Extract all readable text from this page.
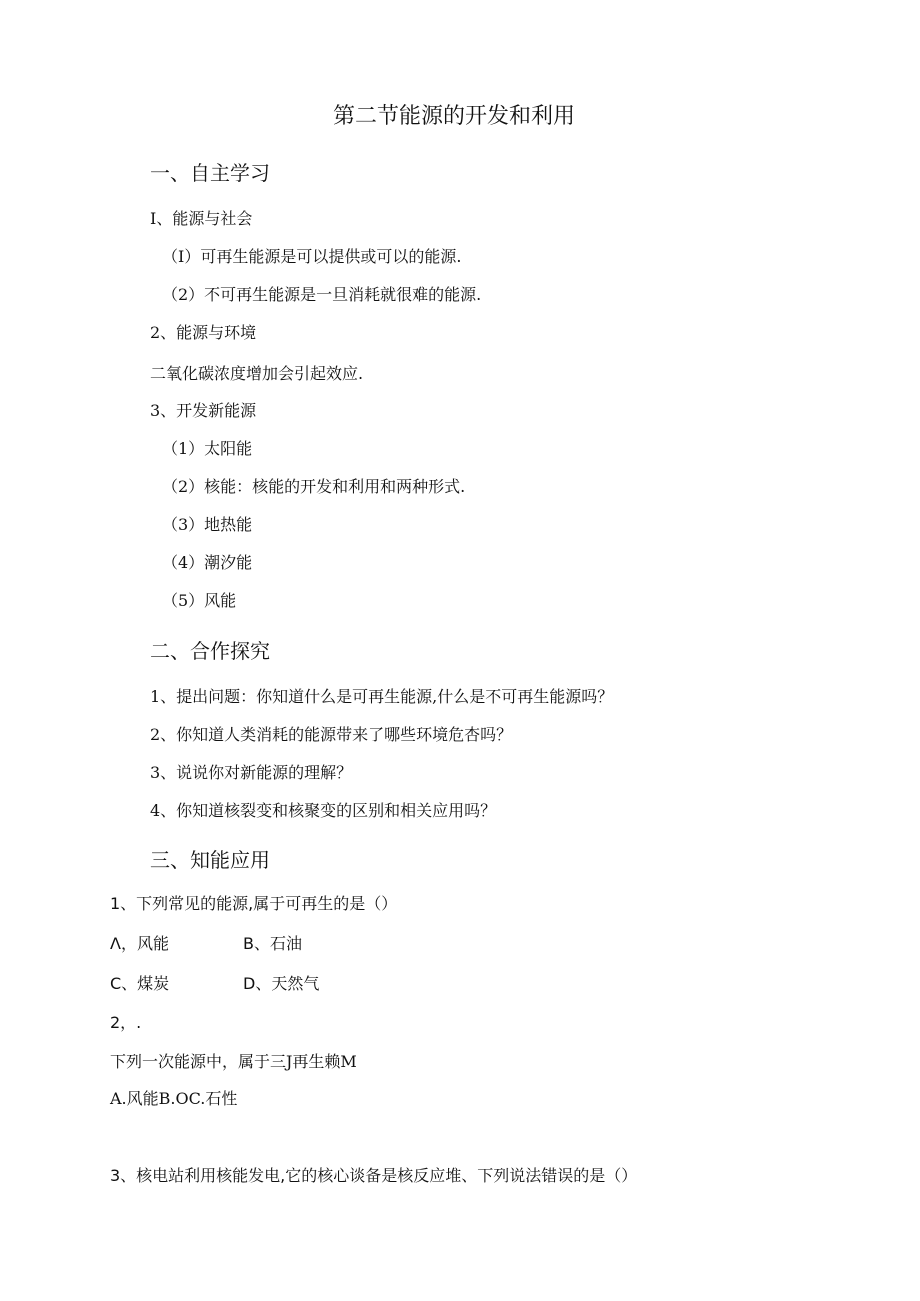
第二节能源的开发和利用
一、自主学习
I、能源与社会
（I）可再生能源是可以提供或可以的能源.
（2）不可再生能源是一旦消耗就很难的能源.
2、能源与环境
二氧化碳浓度增加会引起效应.
3、开发新能源
（1）太阳能
（2）核能：核能的开发和利用和两种形式.
（3）地热能
（4）潮汐能
（5）风能
二、合作探究
1、提出问题：你知道什么是可再生能源,什么是不可再生能源吗？
2、你知道人类消耗的能源带来了哪些环境危杏吗？
3、说说你对新能源的理解？
4、你知道核裂变和核聚变的区别和相关应用吗？
三、知能应用
1、下列常见的能源,属于可再生的是（）
Λ，风能	B、石油
C、煤炭	D、天然气
2，.
下列一次能源中，属于三J再生赖M
A.风能B.OC.石性
3、核电站利用核能发电,它的核心谈备是核反应堆、下列说法错误的是（）
